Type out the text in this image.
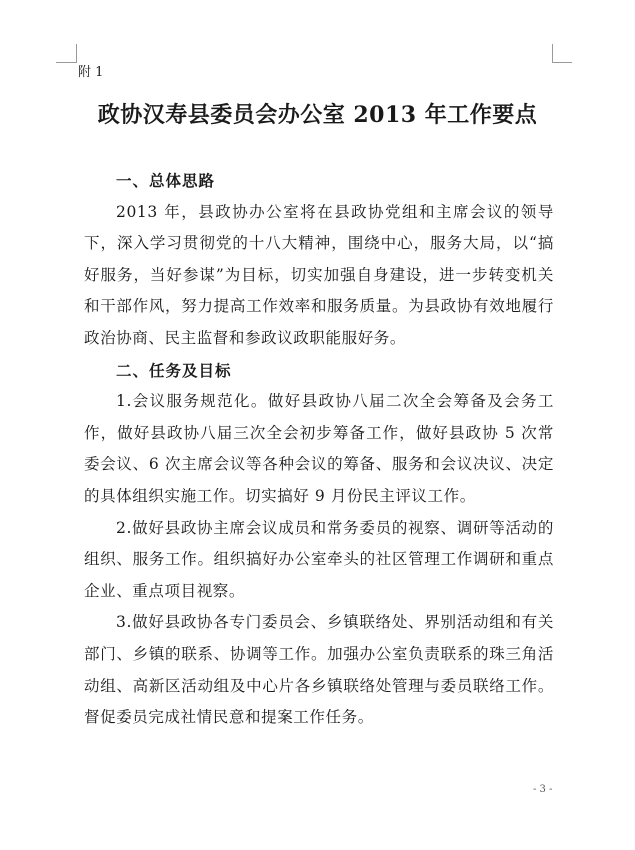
附 1
政协汉寿县委员会办公室 2013 年工作要点

一、总体思路

2013 年，县政协办公室将在县政协党组和主席会议的领导下，深入学习贯彻党的十八大精神，围绕中心，服务大局，以“搞好服务，当好参谋”为目标，切实加强自身建设，进一步转变机关和干部作风，努力提高工作效率和服务质量。为县政协有效地履行政治协商、民主监督和参政议政职能服好务。

二、任务及目标

1.会议服务规范化。做好县政协八届二次全会筹备及会务工作，做好县政协八届三次全会初步筹备工作，做好县政协 5 次常委会议、6 次主席会议等各种会议的筹备、服务和会议决议、决定的具体组织实施工作。切实搞好 9 月份民主评议工作。

2.做好县政协主席会议成员和常务委员的视察、调研等活动的组织、服务工作。组织搞好办公室牵头的社区管理工作调研和重点企业、重点项目视察。

3.做好县政协各专门委员会、乡镇联络处、界别活动组和有关部门、乡镇的联系、协调等工作。加强办公室负责联系的珠三角活动组、高新区活动组及中心片各乡镇联络处管理与委员联络工作。督促委员完成社情民意和提案工作任务。

- 3 -
